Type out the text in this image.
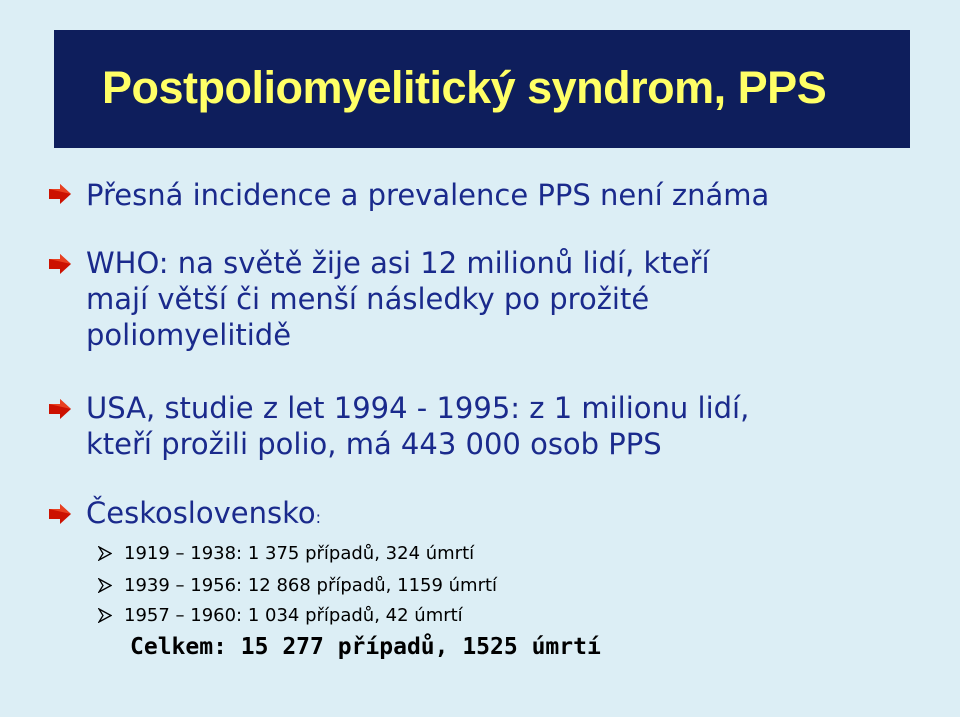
Postpoliomyelitický syndrom, PPS
Přesná incidence a prevalence PPS není známa
WHO: na světě žije asi 12 milionů lidí, kteří
mají větší či menší následky po prožité
poliomyelitidě
USA, studie z let 1994 - 1995: z 1 milionu lidí,
kteří prožili polio, má 443 000 osob PPS
Československo:
1919 – 1938: 1 375 případů, 324 úmrtí
1939 – 1956: 12 868 případů, 1159 úmrtí
1957 – 1960: 1 034 případů, 42 úmrtí
Celkem: 15 277 případů, 1525 úmrtí
